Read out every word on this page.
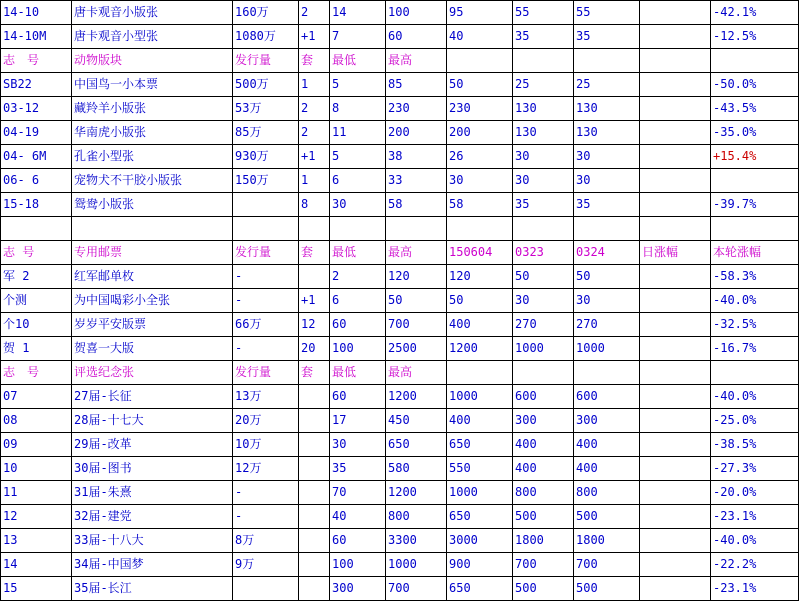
14-10	唐卡观音小版张	160万	2	14	100	95	55	55		-42.1%
14-10M	唐卡观音小型张	1080万	+1	7	60	40	35	35		-12.5%
志　号	动物版块	发行量	套	最低	最高					
SB22	中国鸟一小本票	500万	1	5	85	50	25	25		-50.0%
03-12	藏羚羊小版张	53万	2	8	230	230	130	130		-43.5%
04-19	华南虎小版张	85万	2	11	200	200	130	130		-35.0%
04- 6M	孔雀小型张	930万	+1	5	38	26	30	30		+15.4%
06- 6	宠物犬不干胶小版张	150万	1	6	33	30	30	30		
15-18	鸳鸯小版张		8	30	58	58	35	35		-39.7%

志 号	专用邮票	发行量	套	最低	最高	150604	0323	0324	日涨幅	本轮涨幅
军 2	红军邮单枚	-		2	120	120	50	50		-58.3%
个测	为中国喝彩小全张	-	+1	6	50	50	30	30		-40.0%
个10	岁岁平安版票	66万	12	60	700	400	270	270		-32.5%
贺 1	贺喜一大版	-	20	100	2500	1200	1000	1000		-16.7%
志　号	评选纪念张	发行量	套	最低	最高					
07	27届-长征	13万		60	1200	1000	600	600		-40.0%
08	28届-十七大	20万		17	450	400	300	300		-25.0%
09	29届-改革	10万		30	650	650	400	400		-38.5%
10	30届-图书	12万		35	580	550	400	400		-27.3%
11	31届-朱熹	-		70	1200	1000	800	800		-20.0%
12	32届-建党	-		40	800	650	500	500		-23.1%
13	33届-十八大	8万		60	3300	3000	1800	1800		-40.0%
14	34届-中国梦	9万		100	1000	900	700	700		-22.2%
15	35届-长江			300	700	650	500	500		-23.1%
